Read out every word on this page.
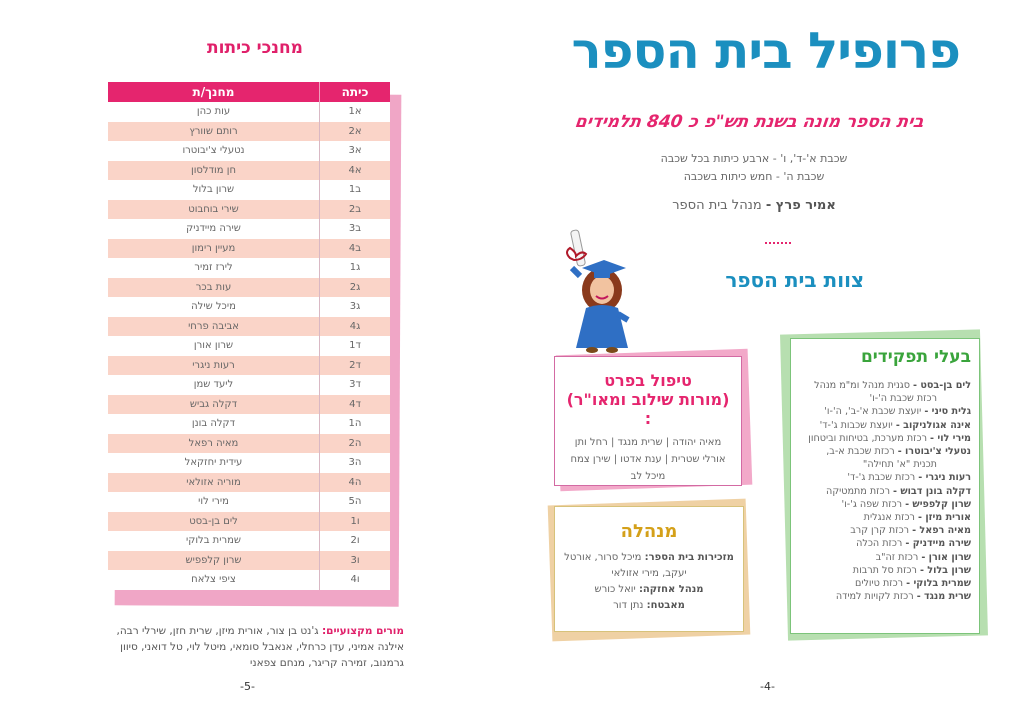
מחנכי כיתות
כיתה	מחנך/ת
א1	עות כהן
א2	רותם שוורץ
א3	נטעלי צ'יבוטרו
א4	חן מודלסון
ב1	שרון בלול
ב2	שירי בוחבוט
ב3	שירה מיידניק
ב4	מעיין רימון
ג1	לירז זמיר
ג2	עות בכר
ג3	מיכל שילה
ג4	אביבה פרחי
ד1	שרון אורן
ד2	רעות ניגרי
ד3	ליעד שמן
ד4	דקלה גביש
ה1	דקלה בונן
ה2	מאיה רפאל
ה3	עידית יחזקאל
ה4	מוריה אזולאי
ה5	מירי לוי
ו1	לים בן-בסט
ו2	שמרית בלוקי
ו3	שרון קלפפיש
ו4	ציפי צלאח
מורים מקצועיים: ג'נט בן צור, אורית מיזן, שרית חזן, שירלי רבה, אילנה אמיני, עדן כרחלי, אנאבל סומאי, מיטל לוי, טל דואני, סיוון גרמנוב, זמירה קריגר, מנחם צפאני
-5-
פרופיל בית הספר
בית הספר מונה בשנת תש"פ כ 840 תלמידים
שכבת א'-ד', ו' - ארבע כיתות בכל שכבה
שכבת ה' - חמש כיתות בשכבה
אמיר פרץ - מנהל בית הספר
צוות בית הספר
בעלי תפקידים
לים בן-בסט - סגנית מנהל ומ"מ מנהל
רכזת שכבת ה'-ו'
גלית סיני - יועצת שכבת א'-ב', ה'-ו'
אינה אגולניקוב - יועצת שכבות ג'-ד'
מירי לוי - רכזת מערכת, בטיחות וביטחון
נטעלי צ'יבוטרו - רכזת שכבת א-ב,
תכנית "א' תחילה"
רעות ניגרי - רכזת שכבת ג'-ד'
דקלה בונן דבוש - רכזת מתמטיקה
שרון קלפפיש - רכזת שפה ג'-ו'
אורית מיזן - רכזת אנגלית
מאיה רפאל - רכזת קרן קרב
שירה מיידניק - רכזת הכלה
שרון אורן - רכזת זה"ב
שרון בלול - רכזת סל תרבות
שמרית בלוקי - רכזת טיולים
שרית מנגד - רכזת לקויות למידה
טיפול בפרט
(מורות שילוב ומאו"ר) :
מאיה יהודה | שרית מנגד | רחל ותן
אורלי שטרית | ענת אדטו | שירן צמח
מיכל לב
מנהלה
מזכירות בית הספר: מיכל סרור, אורטל
יעקב, מירי אזולאי
מנהל אחזקה: יואל כורש
מאבטח: נתן דור
-4-
